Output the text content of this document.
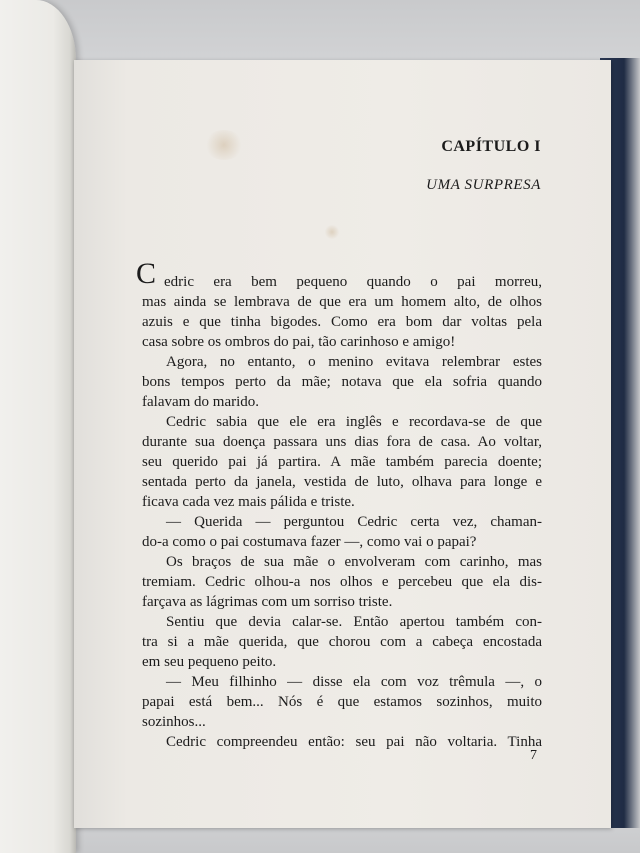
CAPÍTULO I
UMA SURPRESA
C edric era bem pequeno quando o pai morreu,
mas ainda se lembrava de que era um homem alto, de olhos
azuis e que tinha bigodes. Como era bom dar voltas pela
casa sobre os ombros do pai, tão carinhoso e amigo!
Agora, no entanto, o menino evitava relembrar estes
bons tempos perto da mãe; notava que ela sofria quando
falavam do marido.
Cedric sabia que ele era inglês e recordava-se de que
durante sua doença passara uns dias fora de casa. Ao voltar,
seu querido pai já partira. A mãe também parecia doente;
sentada perto da janela, vestida de luto, olhava para longe e
ficava cada vez mais pálida e triste.
— Querida — perguntou Cedric certa vez, chaman-
do-a como o pai costumava fazer —, como vai o papai?
Os braços de sua mãe o envolveram com carinho, mas
tremiam. Cedric olhou-a nos olhos e percebeu que ela dis-
farçava as lágrimas com um sorriso triste.
Sentiu que devia calar-se. Então apertou também con-
tra si a mãe querida, que chorou com a cabeça encostada
em seu pequeno peito.
— Meu filhinho — disse ela com voz trêmula —, o
papai está bem... Nós é que estamos sozinhos, muito
sozinhos...
Cedric compreendeu então: seu pai não voltaria. Tinha
7
